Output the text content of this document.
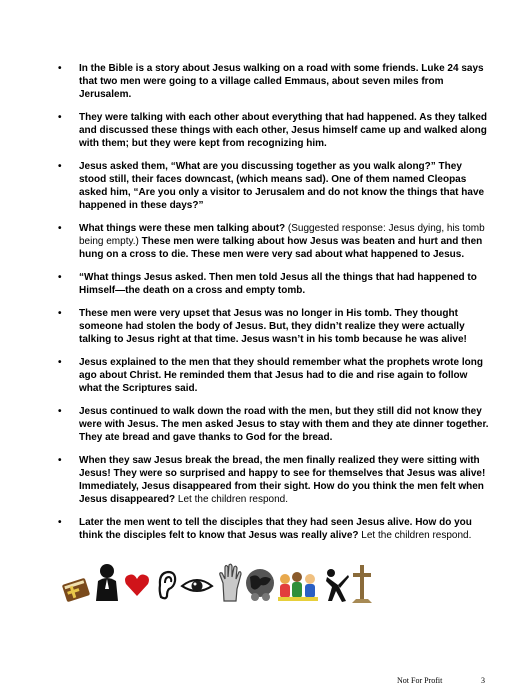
• In the Bible is a story about Jesus walking on a road with some friends. Luke 24 says that two men were going to a village called Emmaus, about seven miles from Jerusalem.
• They were talking with each other about everything that had happened. As they talked and discussed these things with each other, Jesus himself came up and walked along with them; but they were kept from recognizing him.
• Jesus asked them, “What are you discussing together as you walk along?” They stood still, their faces downcast, (which means sad). One of them named Cleopas asked him, “Are you only a visitor to Jerusalem and do not know the things that have happened in these days?”
• What things were these men talking about? (Suggested response: Jesus dying, his tomb being empty.) These men were talking about how Jesus was beaten and hurt and then hung on a cross to die. These men were very sad about what happened to Jesus.
• “What things Jesus asked. Then men told Jesus all the things that had happened to Himself—the death on a cross and empty tomb.
• These men were very upset that Jesus was no longer in His tomb. They thought someone had stolen the body of Jesus. But, they didn’t realize they were actually talking to Jesus right at that time. Jesus wasn’t in his tomb because he was alive!
• Jesus explained to the men that they should remember what the prophets wrote long ago about Christ. He reminded them that Jesus had to die and rise again to follow what the Scriptures said.
• Jesus continued to walk down the road with the men, but they still did not know they were with Jesus. The men asked Jesus to stay with them and they ate dinner together. They ate bread and gave thanks to God for the bread.
• When they saw Jesus break the bread, the men finally realized they were sitting with Jesus! They were so surprised and happy to see for themselves that Jesus was alive! Immediately, Jesus disappeared from their sight. How do you think the men felt when Jesus disappeared? Let the children respond.
• Later the men went to tell the disciples that they had seen Jesus alive. How do you think the disciples felt to know that Jesus was really alive? Let the children respond.
Not For Profit	3
